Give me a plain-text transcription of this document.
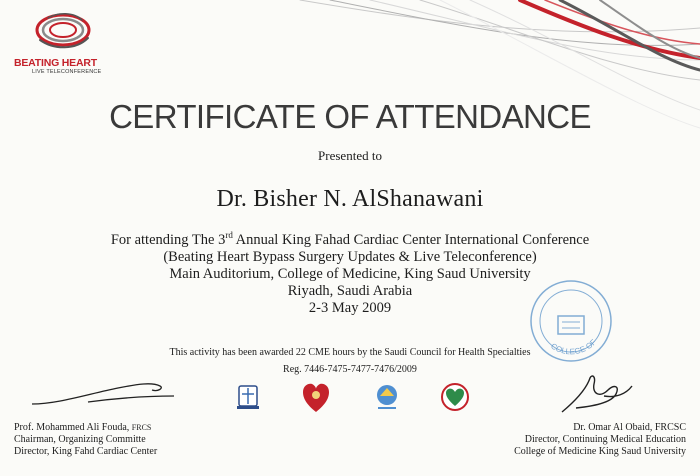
BEATING HEART
LIVE TELECONFERENCE
CERTIFICATE OF ATTENDANCE
Presented to
Dr. Bisher N. AlShanawani
For attending The 3rd Annual King Fahad Cardiac Center International Conference
(Beating Heart Bypass Surgery Updates & Live Teleconference)
Main Auditorium, College of Medicine, King Saud University
Riyadh, Saudi Arabia
2-3 May 2009
This activity has been awarded 22 CME hours by the Saudi Council for Health Specialties
Reg. 7446-7475-7477-7476/2009
COLLEGE OF
Prof. Mohammed Ali Fouda, FRCS
Chairman, Organizing Committe
Director, King Fahd Cardiac Center
Dr. Omar Al Obaid, FRCSC
Director, Continuing Medical Education
College of Medicine King Saud University
